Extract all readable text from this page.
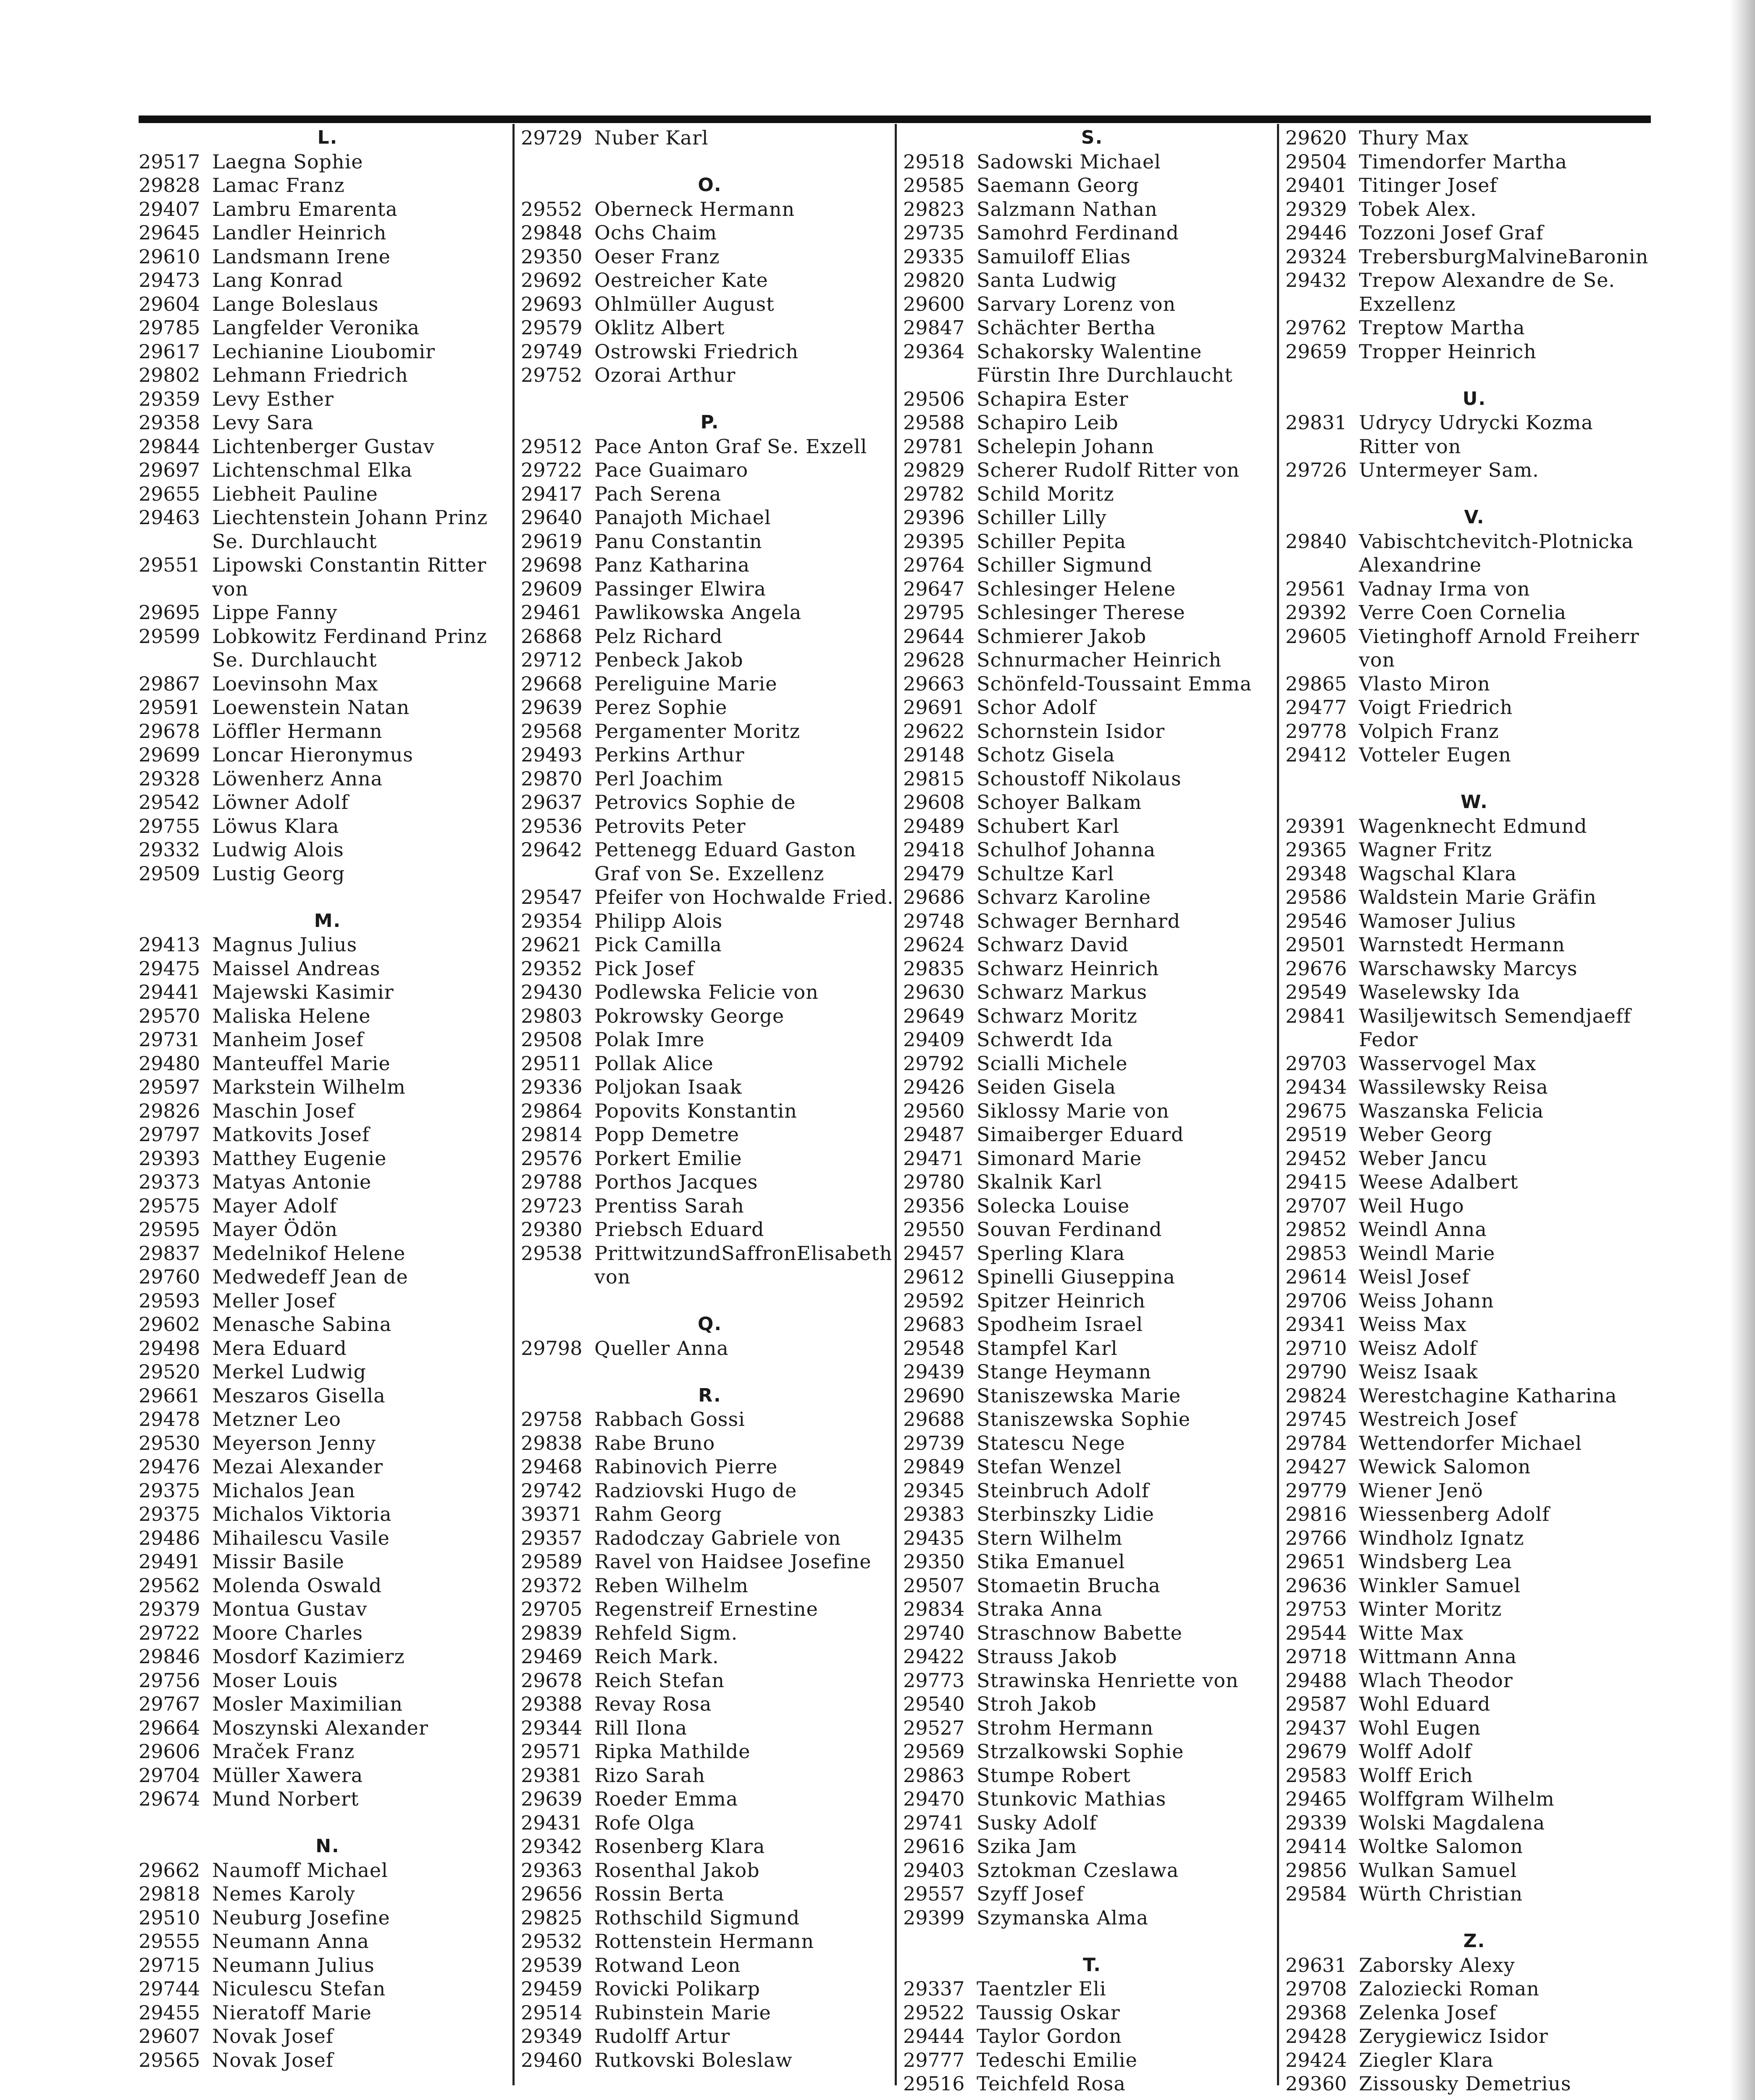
L.
29517 Laegna Sophie
29828 Lamac Franz
29407 Lambru Emarenta
29645 Landler Heinrich
29610 Landsmann Irene
29473 Lang Konrad
29604 Lange Boleslaus
29785 Langfelder Veronika
29617 Lechianine Lioubomir
29802 Lehmann Friedrich
29359 Levy Esther
29358 Levy Sara
29844 Lichtenberger Gustav
29697 Lichtenschmal Elka
29655 Liebheit Pauline
29463 Liechtenstein Johann Prinz
Se. Durchlaucht
29551 Lipowski Constantin Ritter
von
29695 Lippe Fanny
29599 Lobkowitz Ferdinand Prinz
Se. Durchlaucht
29867 Loevinsohn Max
29591 Loewenstein Natan
29678 Löffler Hermann
29699 Loncar Hieronymus
29328 Löwenherz Anna
29542 Löwner Adolf
29755 Löwus Klara
29332 Ludwig Alois
29509 Lustig Georg
M.
29413 Magnus Julius
29475 Maissel Andreas
29441 Majewski Kasimir
29570 Maliska Helene
29731 Manheim Josef
29480 Manteuffel Marie
29597 Markstein Wilhelm
29826 Maschin Josef
29797 Matkovits Josef
29393 Matthey Eugenie
29373 Matyas Antonie
29575 Mayer Adolf
29595 Mayer Ödön
29837 Medelnikof Helene
29760 Medwedeff Jean de
29593 Meller Josef
29602 Menasche Sabina
29498 Mera Eduard
29520 Merkel Ludwig
29661 Meszaros Gisella
29478 Metzner Leo
29530 Meyerson Jenny
29476 Mezai Alexander
29375 Michalos Jean
29375 Michalos Viktoria
29486 Mihailescu Vasile
29491 Missir Basile
29562 Molenda Oswald
29379 Montua Gustav
29722 Moore Charles
29846 Mosdorf Kazimierz
29756 Moser Louis
29767 Mosler Maximilian
29664 Moszynski Alexander
29606 Mraček Franz
29704 Müller Xawera
29674 Mund Norbert
N.
29662 Naumoff Michael
29818 Nemes Karoly
29510 Neuburg Josefine
29555 Neumann Anna
29715 Neumann Julius
29744 Niculescu Stefan
29455 Nieratoff Marie
29607 Novak Josef
29565 Novak Josef
29729 Nuber Karl
O.
29552 Oberneck Hermann
29848 Ochs Chaim
29350 Oeser Franz
29692 Oestreicher Kate
29693 Ohlmüller August
29579 Oklitz Albert
29749 Ostrowski Friedrich
29752 Ozorai Arthur
P.
29512 Pace Anton Graf Se. Exzell
29722 Pace Guaimaro
29417 Pach Serena
29640 Panajoth Michael
29619 Panu Constantin
29698 Panz Katharina
29609 Passinger Elwira
29461 Pawlikowska Angela
26868 Pelz Richard
29712 Penbeck Jakob
29668 Pereliguine Marie
29639 Perez Sophie
29568 Pergamenter Moritz
29493 Perkins Arthur
29870 Perl Joachim
29637 Petrovics Sophie de
29536 Petrovits Peter
29642 Pettenegg Eduard Gaston
Graf von Se. Exzellenz
29547 Pfeifer von Hochwalde Fried.
29354 Philipp Alois
29621 Pick Camilla
29352 Pick Josef
29430 Podlewska Felicie von
29803 Pokrowsky George
29508 Polak Imre
29511 Pollak Alice
29336 Poljokan Isaak
29864 Popovits Konstantin
29814 Popp Demetre
29576 Porkert Emilie
29788 Porthos Jacques
29723 Prentiss Sarah
29380 Priebsch Eduard
29538 PrittwitzundSaffronElisabeth
von
Q.
29798 Queller Anna
R.
29758 Rabbach Gossi
29838 Rabe Bruno
29468 Rabinovich Pierre
29742 Radziovski Hugo de
39371 Rahm Georg
29357 Radodczay Gabriele von
29589 Ravel von Haidsee Josefine
29372 Reben Wilhelm
29705 Regenstreif Ernestine
29839 Rehfeld Sigm.
29469 Reich Mark.
29678 Reich Stefan
29388 Revay Rosa
29344 Rill Ilona
29571 Ripka Mathilde
29381 Rizo Sarah
29639 Roeder Emma
29431 Rofe Olga
29342 Rosenberg Klara
29363 Rosenthal Jakob
29656 Rossin Berta
29825 Rothschild Sigmund
29532 Rottenstein Hermann
29539 Rotwand Leon
29459 Rovicki Polikarp
29514 Rubinstein Marie
29349 Rudolff Artur
29460 Rutkovski Boleslaw
S.
29518 Sadowski Michael
29585 Saemann Georg
29823 Salzmann Nathan
29735 Samohrd Ferdinand
29335 Samuiloff Elias
29820 Santa Ludwig
29600 Sarvary Lorenz von
29847 Schächter Bertha
29364 Schakorsky Walentine
Fürstin Ihre Durchlaucht
29506 Schapira Ester
29588 Schapiro Leib
29781 Schelepin Johann
29829 Scherer Rudolf Ritter von
29782 Schild Moritz
29396 Schiller Lilly
29395 Schiller Pepita
29764 Schiller Sigmund
29647 Schlesinger Helene
29795 Schlesinger Therese
29644 Schmierer Jakob
29628 Schnurmacher Heinrich
29663 Schönfeld-Toussaint Emma
29691 Schor Adolf
29622 Schornstein Isidor
29148 Schotz Gisela
29815 Schoustoff Nikolaus
29608 Schoyer Balkam
29489 Schubert Karl
29418 Schulhof Johanna
29479 Schultze Karl
29686 Schvarz Karoline
29748 Schwager Bernhard
29624 Schwarz David
29835 Schwarz Heinrich
29630 Schwarz Markus
29649 Schwarz Moritz
29409 Schwerdt Ida
29792 Scialli Michele
29426 Seiden Gisela
29560 Siklossy Marie von
29487 Simaiberger Eduard
29471 Simonard Marie
29780 Skalnik Karl
29356 Solecka Louise
29550 Souvan Ferdinand
29457 Sperling Klara
29612 Spinelli Giuseppina
29592 Spitzer Heinrich
29683 Spodheim Israel
29548 Stampfel Karl
29439 Stange Heymann
29690 Staniszewska Marie
29688 Staniszewska Sophie
29739 Statescu Nege
29849 Stefan Wenzel
29345 Steinbruch Adolf
29383 Sterbinszky Lidie
29435 Stern Wilhelm
29350 Stika Emanuel
29507 Stomaetin Brucha
29834 Straka Anna
29740 Straschnow Babette
29422 Strauss Jakob
29773 Strawinska Henriette von
29540 Stroh Jakob
29527 Strohm Hermann
29569 Strzalkowski Sophie
29863 Stumpe Robert
29470 Stunkovic Mathias
29741 Susky Adolf
29616 Szika Jam
29403 Sztokman Czeslawa
29557 Szyff Josef
29399 Szymanska Alma
T.
29337 Taentzler Eli
29522 Taussig Oskar
29444 Taylor Gordon
29777 Tedeschi Emilie
29516 Teichfeld Rosa
29620 Thury Max
29504 Timendorfer Martha
29401 Titinger Josef
29329 Tobek Alex.
29446 Tozzoni Josef Graf
29324 TrebersburgMalvineBaronin
29432 Trepow Alexandre de Se.
Exzellenz
29762 Treptow Martha
29659 Tropper Heinrich
U.
29831 Udrycy Udrycki Kozma
Ritter von
29726 Untermeyer Sam.
V.
29840 Vabischtchevitch-Plotnicka
Alexandrine
29561 Vadnay Irma von
29392 Verre Coen Cornelia
29605 Vietinghoff Arnold Freiherr
von
29865 Vlasto Miron
29477 Voigt Friedrich
29778 Volpich Franz
29412 Votteler Eugen
W.
29391 Wagenknecht Edmund
29365 Wagner Fritz
29348 Wagschal Klara
29586 Waldstein Marie Gräfin
29546 Wamoser Julius
29501 Warnstedt Hermann
29676 Warschawsky Marcys
29549 Waselewsky Ida
29841 Wasiljewitsch Semendjaeff
Fedor
29703 Wasservogel Max
29434 Wassilewsky Reisa
29675 Waszanska Felicia
29519 Weber Georg
29452 Weber Jancu
29415 Weese Adalbert
29707 Weil Hugo
29852 Weindl Anna
29853 Weindl Marie
29614 Weisl Josef
29706 Weiss Johann
29341 Weiss Max
29710 Weisz Adolf
29790 Weisz Isaak
29824 Werestchagine Katharina
29745 Westreich Josef
29784 Wettendorfer Michael
29427 Wewick Salomon
29779 Wiener Jenö
29816 Wiessenberg Adolf
29766 Windholz Ignatz
29651 Windsberg Lea
29636 Winkler Samuel
29753 Winter Moritz
29544 Witte Max
29718 Wittmann Anna
29488 Wlach Theodor
29587 Wohl Eduard
29437 Wohl Eugen
29679 Wolff Adolf
29583 Wolff Erich
29465 Wolffgram Wilhelm
29339 Wolski Magdalena
29414 Woltke Salomon
29856 Wulkan Samuel
29584 Würth Christian
Z.
29631 Zaborsky Alexy
29708 Zaloziecki Roman
29368 Zelenka Josef
29428 Zerygiewicz Isidor
29424 Ziegler Klara
29360 Zissousky Demetrius
